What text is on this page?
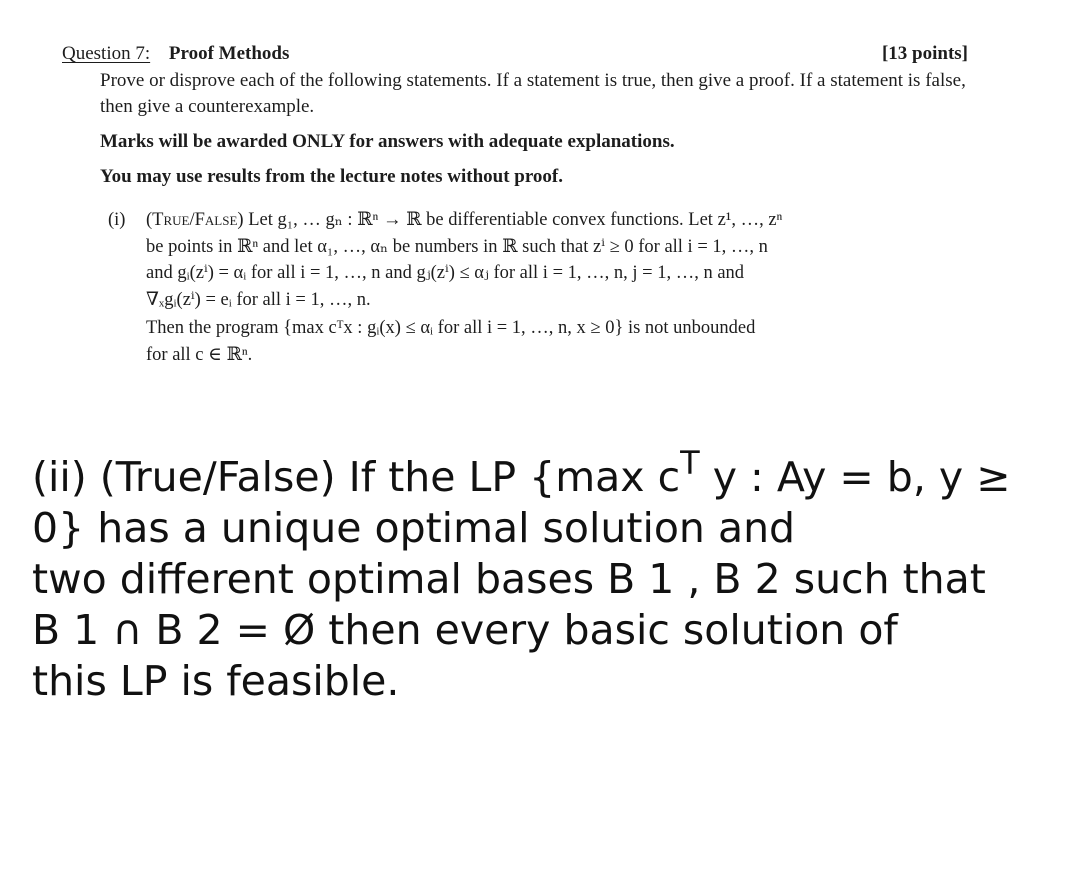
Question 7: Proof Methods	[13 points]
Prove or disprove each of the following statements. If a statement is true, then give a proof. If a statement is false, then give a counterexample.
Marks will be awarded ONLY for answers with adequate explanations.
You may use results from the lecture notes without proof.
(i) (True/False) Let g₁, … gₙ : ℝⁿ → ℝ be differentiable convex functions. Let z¹, …, zⁿ
be points in ℝⁿ and let α₁, …, αₙ be numbers in ℝ such that zⁱ ≥ 0 for all i = 1, …, n
and gᵢ(zⁱ) = αᵢ for all i = 1, …, n and gⱼ(zⁱ) ≤ αⱼ for all i = 1, …, n, j = 1, …, n and
∇ₓgᵢ(zⁱ) = eᵢ for all i = 1, …, n.
Then the program {max cᵀx : gᵢ(x) ≤ αᵢ for all i = 1, …, n, x ≥ 0} is not unbounded
for all c ∈ ℝⁿ.
(ii) (True/False) If the LP {max $c^T$ y : Ay = b, y ≥
0} has a unique optimal solution and
two different optimal bases B 1 , B 2 such that
B 1 ∩ B 2 = Ø then every basic solution of
this LP is feasible.
